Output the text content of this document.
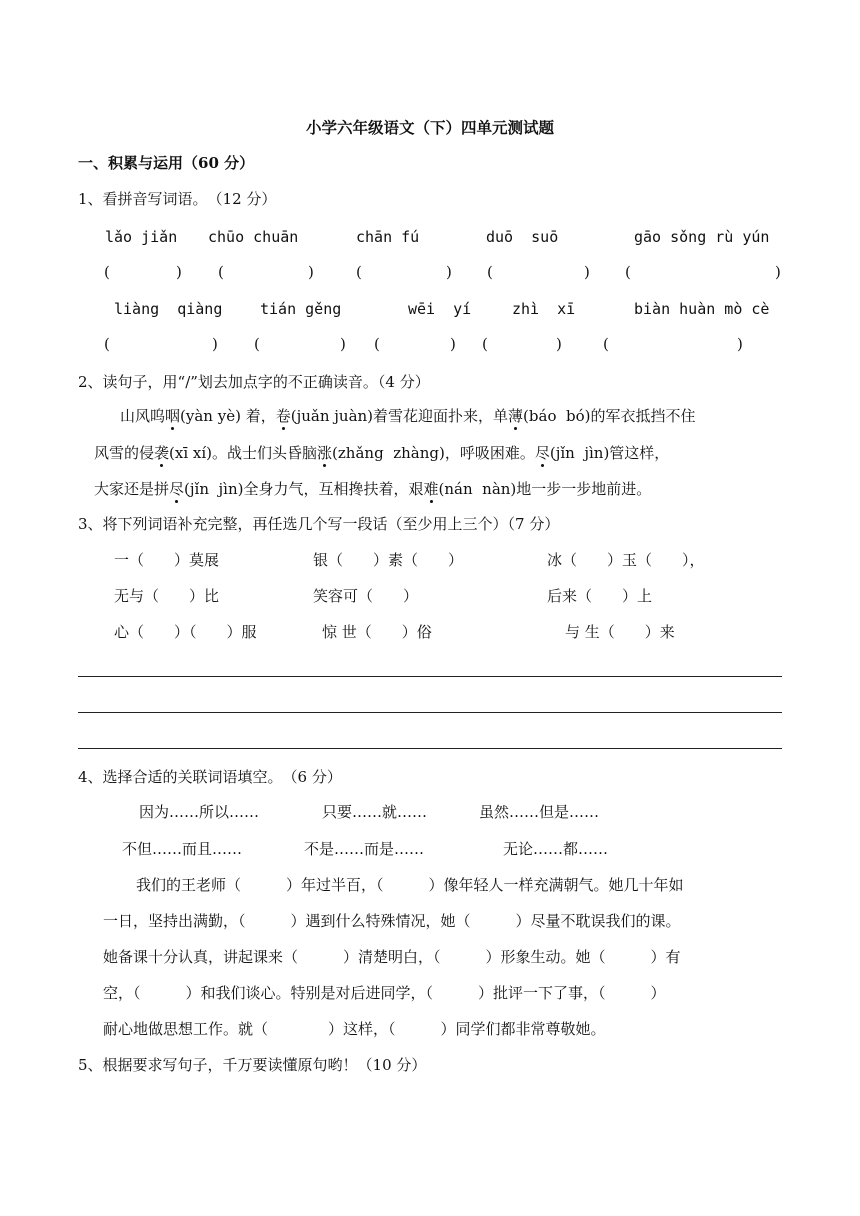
小学六年级语文（下）四单元测试题
一、积累与运用（60 分）
1、看拼音写词语。　（12 分）
lǎo jiǎn chūo chuān	chān fú	duō  suō	gāo sǒng rù yún
(	) (	)	(	) (	) (	)
liàng  qiàng	tián gěng	wēi  yí	zhì  xī	biàn huàn mò cè
(	) (	) (	) (	)	(	)
2、读句子，用“/”划去加点字的不正确读音。（4 分）
山风呜咽(yàn yè) 着，卷(juǎn juàn)着雪花迎面扑来，单薄(báo  bó)的军衣抵挡不住
风雪的侵袭(xī xí)。战士们头昏脑涨(zhǎng  zhàng)，呼吸困难。尽(jǐn  jìn)管这样，
大家还是拼尽(jǐn  jìn)全身力气，互相搀扶着，艰难(nán  nàn)地一步一步地前进。
3、将下列词语补充完整，再任选几个写一段话（至少用上三个）（7 分）
一（　　）莫展	银（　　）素（　　）	冰（　　）玉（　　），
无与（　　）比	笑容可（　　）	后来（　　）上
心（　　）（　　）服	惊 世（　　）俗	与 生（　　）来
4、选择合适的关联词语填空。　（6 分）
因为……所以……	只要……就……	虽然……但是……
不但……而且……	不是……而是……	无论……都……
我们的王老师（　　　）年过半百，（　　　）像年轻人一样充满朝气。她几十年如
一日，坚持出满勤，（　　　）遇到什么特殊情况，她（　　　）尽量不耽误我们的课。
她备课十分认真，讲起课来（　　　）清楚明白，（　　　）形象生动。她（　　　）有
空，（　　　）和我们谈心。特别是对后进同学，（　　　）批评一下了事，（　　　）
耐心地做思想工作。就（　　　　）这样，（　　　）同学们都非常尊敬她。
5、根据要求写句子，千万要读懂原句哟！（10 分）
